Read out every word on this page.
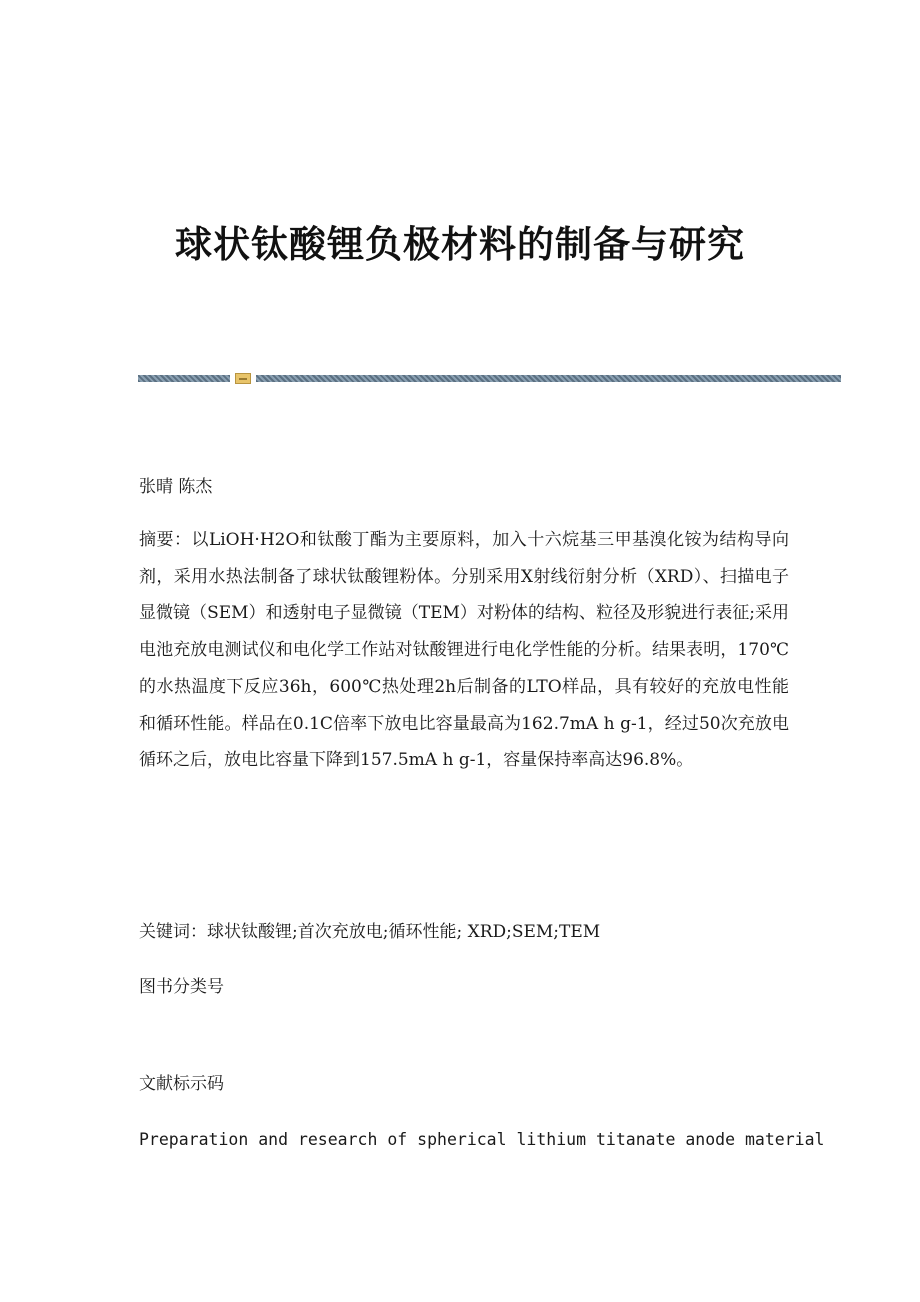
球状钛酸锂负极材料的制备与研究
张晴 陈杰
摘要：以LiOH·H2O和钛酸丁酯为主要原料，加入十六烷基三甲基溴化铵为结构导向剂，采用水热法制备了球状钛酸锂粉体。分别采用X射线衍射分析（XRD）、扫描电子显微镜（SEM）和透射电子显微镜（TEM）对粉体的结构、粒径及形貌进行表征;采用电池充放电测试仪和电化学工作站对钛酸锂进行电化学性能的分析。结果表明，170℃的水热温度下反应36h，600℃热处理2h后制备的LTO样品，具有较好的充放电性能和循环性能。样品在0.1C倍率下放电比容量最高为162.7mA h g-1，经过50次充放电循环之后，放电比容量下降到157.5mA h g-1，容量保持率高达96.8%。
关键词：球状钛酸锂;首次充放电;循环性能; XRD;SEM;TEM
图书分类号
文献标示码
Preparation and research of spherical lithium titanate anode material
